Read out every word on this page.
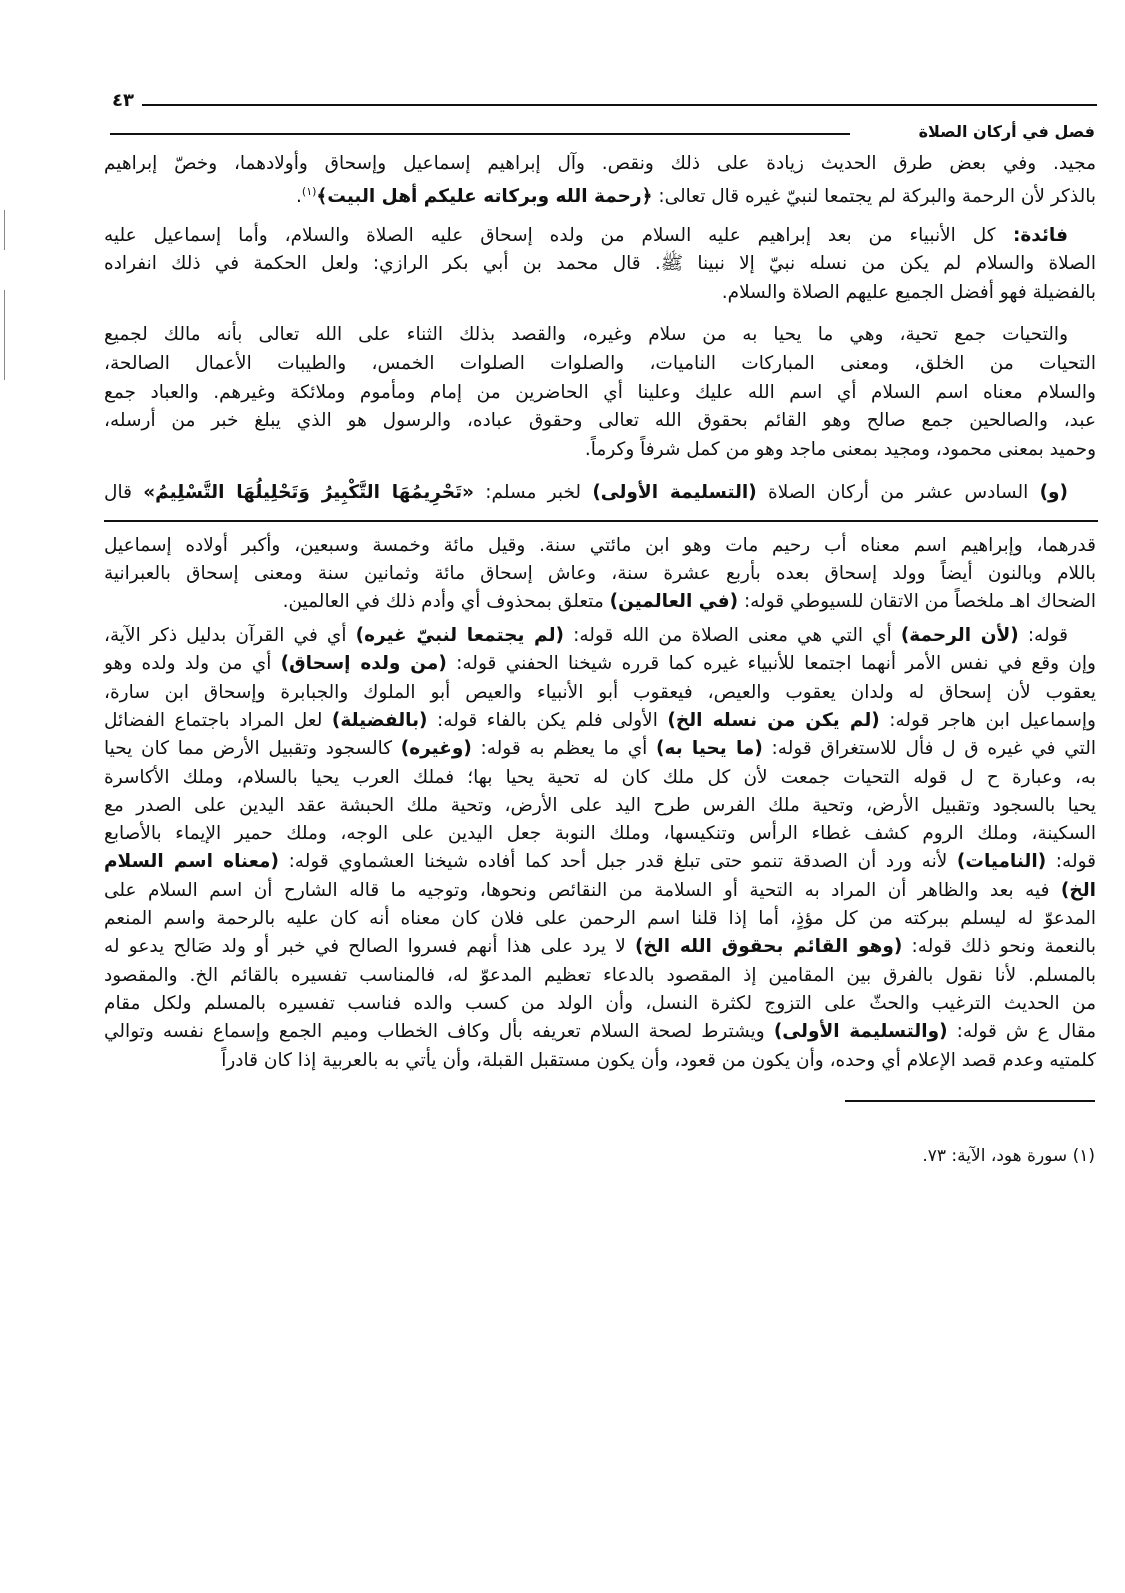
٤٣
فصل في أركان الصلاة
مجيد. وفي بعض طرق الحديث زيادة على ذلك ونقص. وآل إبراهيم إسماعيل وإسحاق وأولادهما، وخصّ إبراهيم
بالذكر لأن الرحمة والبركة لم يجتمعا لنبيّ غيره قال تعالى: ﴿رحمة الله وبركاته عليكم أهل البيت﴾$^{(١)}$.
فائدة: كل الأنبياء من بعد إبراهيم عليه السلام من ولده إسحاق عليه الصلاة والسلام، وأما إسماعيل عليه
الصلاة والسلام لم يكن من نسله نبيّ إلا نبينا ﷺ. قال محمد بن أبي بكر الرازي: ولعل الحكمة في ذلك انفراده
بالفضيلة فهو أفضل الجميع عليهم الصلاة والسلام.
والتحيات جمع تحية، وهي ما يحيا به من سلام وغيره، والقصد بذلك الثناء على الله تعالى بأنه مالك لجميع
التحيات من الخلق، ومعنى المباركات الناميات، والصلوات الصلوات الخمس، والطيبات الأعمال الصالحة،
والسلام معناه اسم السلام أي اسم الله عليك وعلينا أي الحاضرين من إمام ومأموم وملائكة وغيرهم. والعباد جمع
عبد، والصالحين جمع صالح وهو القائم بحقوق الله تعالى وحقوق عباده، والرسول هو الذي يبلغ خبر من أرسله،
وحميد بمعنى محمود، ومجيد بمعنى ماجد وهو من كمل شرفاً وكرماً.
(و) السادس عشر من أركان الصلاة (التسليمة الأولى) لخبر مسلم: «تَحْرِيمُهَا التَّكْبِيرُ وَتَحْلِيلُهَا التَّسْلِيمُ» قال
قدرهما، وإبراهيم اسم معناه أب رحيم مات وهو ابن مائتي سنة. وقيل مائة وخمسة وسبعين، وأكبر أولاده إسماعيل
باللام وبالنون أيضاً وولد إسحاق بعده بأربع عشرة سنة، وعاش إسحاق مائة وثمانين سنة ومعنى إسحاق بالعبرانية
الضحاك اهـ ملخصاً من الاتقان للسيوطي قوله: (في العالمين) متعلق بمحذوف أي وأدم ذلك في العالمين.
قوله: (لأن الرحمة) أي التي هي معنى الصلاة من الله قوله: (لم يجتمعا لنبيّ غيره) أي في القرآن بدليل ذكر الآية،
وإن وقع في نفس الأمر أنهما اجتمعا للأنبياء غيره كما قرره شيخنا الحفني قوله: (من ولده إسحاق) أي من ولد ولده وهو
يعقوب لأن إسحاق له ولدان يعقوب والعيص، فيعقوب أبو الأنبياء والعيص أبو الملوك والجبابرة وإسحاق ابن سارة،
وإسماعيل ابن هاجر قوله: (لم يكن من نسله الخ) الأولى فلم يكن بالفاء قوله: (بالفضيلة) لعل المراد باجتماع الفضائل
التي في غيره ق ل فأل للاستغراق قوله: (ما يحيا به) أي ما يعظم به قوله: (وغيره) كالسجود وتقبيل الأرض مما كان يحيا
به، وعبارة ح ل قوله التحيات جمعت لأن كل ملك كان له تحية يحيا بها؛ فملك العرب يحيا بالسلام، وملك الأكاسرة
يحيا بالسجود وتقبيل الأرض، وتحية ملك الفرس طرح اليد على الأرض، وتحية ملك الحبشة عقد اليدين على الصدر مع
السكينة، وملك الروم كشف غطاء الرأس وتنكيسها، وملك النوبة جعل اليدين على الوجه، وملك حمير الإيماء بالأصابع
قوله: (الناميات) لأنه ورد أن الصدقة تنمو حتى تبلغ قدر جبل أحد كما أفاده شيخنا العشماوي قوله: (معناه اسم السلام
الخ) فيه بعد والظاهر أن المراد به التحية أو السلامة من النقائص ونحوها، وتوجيه ما قاله الشارح أن اسم السلام على
المدعوّ له ليسلم ببركته من كل مؤذٍ، أما إذا قلنا اسم الرحمن على فلان كان معناه أنه كان عليه بالرحمة واسم المنعم
بالنعمة ونحو ذلك قوله: (وهو القائم بحقوق الله الخ) لا يرد على هذا أنهم فسروا الصالح في خبر أو ولد صَالح يدعو له
بالمسلم. لأنا نقول بالفرق بين المقامين إذ المقصود بالدعاء تعظيم المدعوّ له، فالمناسب تفسيره بالقائم الخ. والمقصود
من الحديث الترغيب والحثّ على التزوج لكثرة النسل، وأن الولد من كسب والده فناسب تفسيره بالمسلم ولكل مقام
مقال ع ش قوله: (والتسليمة الأولى) ويشترط لصحة السلام تعريفه بأل وكاف الخطاب وميم الجمع وإسماع نفسه وتوالي
كلمتيه وعدم قصد الإعلام أي وحده، وأن يكون من قعود، وأن يكون مستقبل القبلة، وأن يأتي به بالعربية إذا كان قادراً
(١) سورة هود، الآية: ٧٣.
